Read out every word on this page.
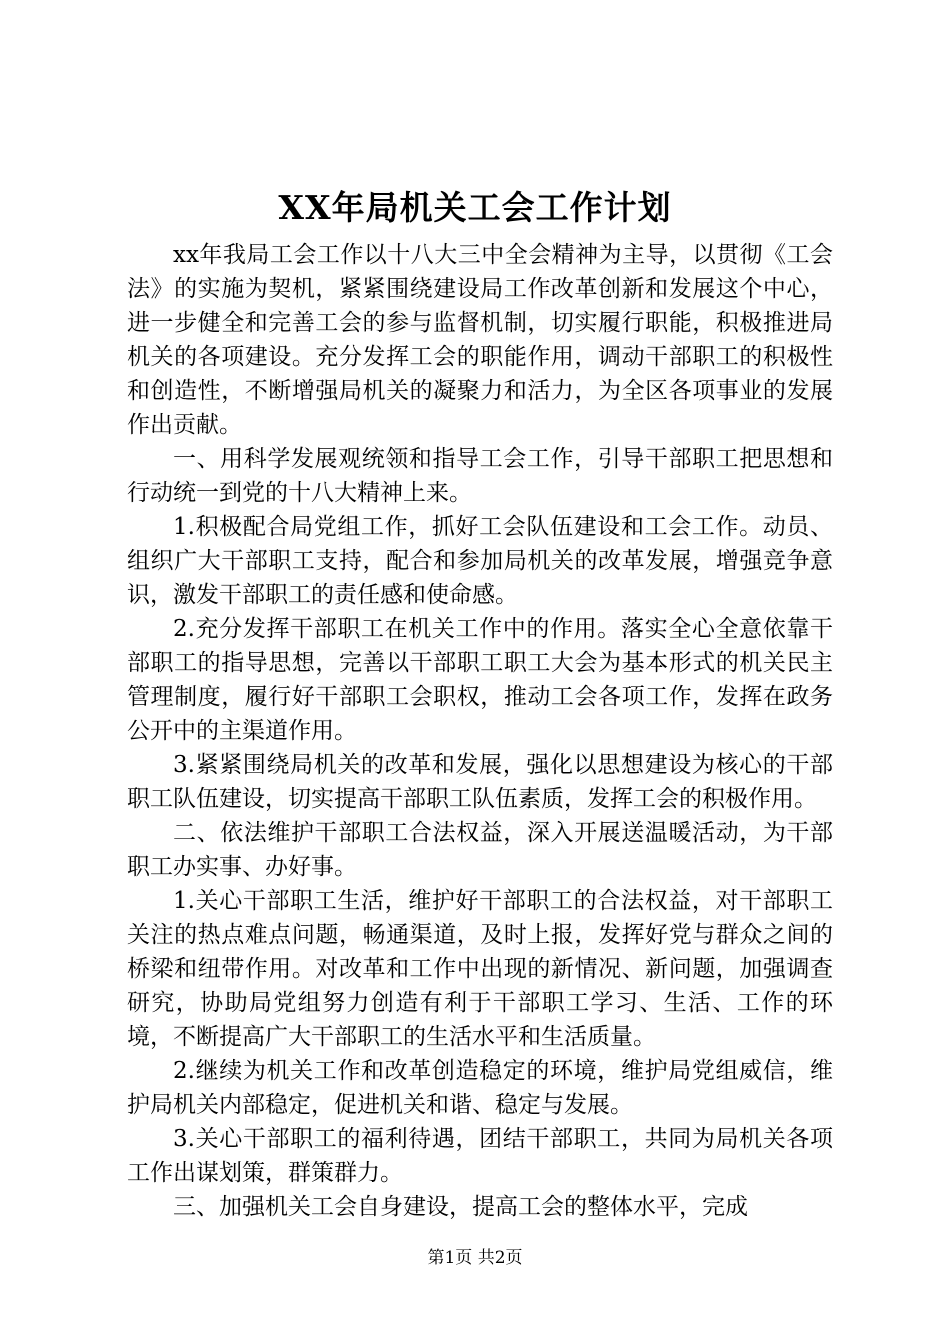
XX年局机关工会工作计划

xx年我局工会工作以十八大三中全会精神为主导，以贯彻《工会法》的实施为契机，紧紧围绕建设局工作改革创新和发展这个中心，进一步健全和完善工会的参与监督机制，切实履行职能，积极推进局机关的各项建设。充分发挥工会的职能作用，调动干部职工的积极性和创造性，不断增强局机关的凝聚力和活力，为全区各项事业的发展作出贡献。

一、用科学发展观统领和指导工会工作，引导干部职工把思想和行动统一到党的十八大精神上来。

1.积极配合局党组工作，抓好工会队伍建设和工会工作。动员、组织广大干部职工支持，配合和参加局机关的改革发展，增强竞争意识，激发干部职工的责任感和使命感。

2.充分发挥干部职工在机关工作中的作用。落实全心全意依靠干部职工的指导思想，完善以干部职工职工大会为基本形式的机关民主管理制度，履行好干部职工会职权，推动工会各项工作，发挥在政务公开中的主渠道作用。

3.紧紧围绕局机关的改革和发展，强化以思想建设为核心的干部职工队伍建设，切实提高干部职工队伍素质，发挥工会的积极作用。

二、依法维护干部职工合法权益，深入开展送温暖活动，为干部职工办实事、办好事。

1.关心干部职工生活，维护好干部职工的合法权益，对干部职工关注的热点难点问题，畅通渠道，及时上报，发挥好党与群众之间的桥梁和纽带作用。对改革和工作中出现的新情况、新问题，加强调查研究，协助局党组努力创造有利于干部职工学习、生活、工作的环境，不断提高广大干部职工的生活水平和生活质量。

2.继续为机关工作和改革创造稳定的环境，维护局党组威信，维护局机关内部稳定，促进机关和谐、稳定与发展。

3.关心干部职工的福利待遇，团结干部职工，共同为局机关各项工作出谋划策，群策群力。

三、加强机关工会自身建设，提高工会的整体水平，完成

第1页 共2页
